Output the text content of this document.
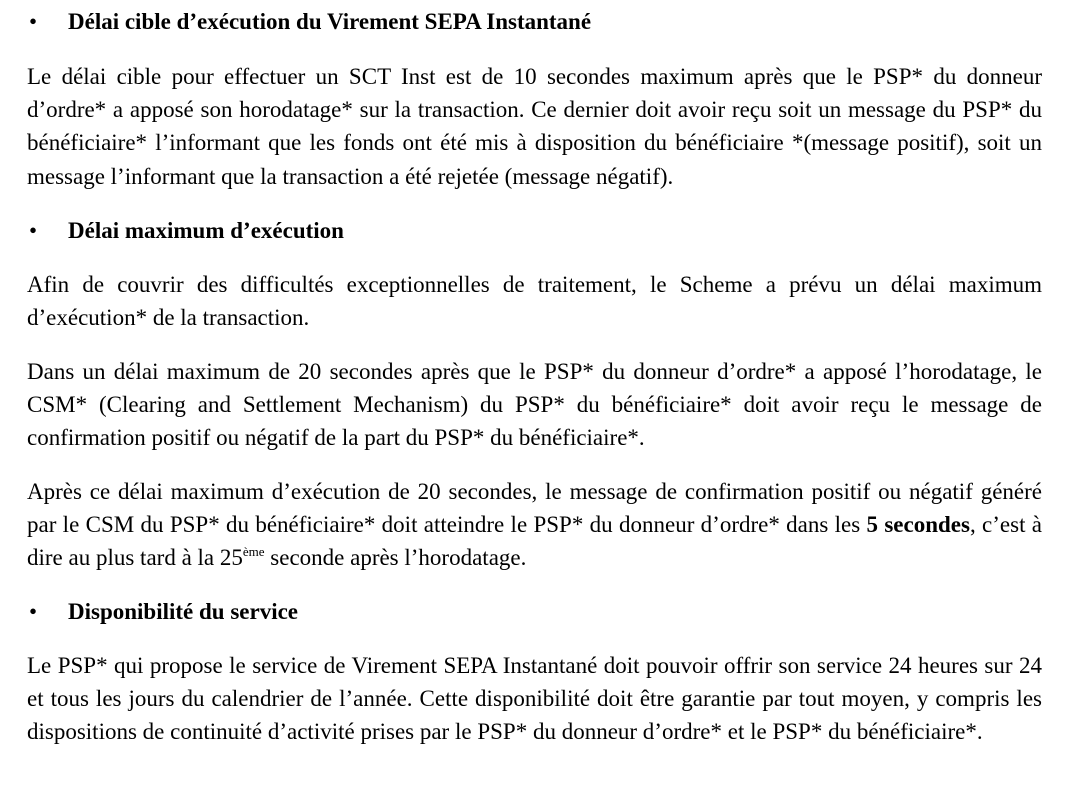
• Délai cible d’exécution du Virement SEPA Instantané

Le délai cible pour effectuer un SCT Inst est de 10 secondes maximum après que le PSP* du donneur d’ordre* a apposé son horodatage* sur la transaction. Ce dernier doit avoir reçu soit un message du PSP* du bénéficiaire* l’informant que les fonds ont été mis à disposition du bénéficiaire *(message positif), soit un message l’informant que la transaction a été rejetée (message négatif).

• Délai maximum d’exécution

Afin de couvrir des difficultés exceptionnelles de traitement, le Scheme a prévu un délai maximum d’exécution* de la transaction.

Dans un délai maximum de 20 secondes après que le PSP* du donneur d’ordre* a apposé l’horodatage, le CSM* (Clearing and Settlement Mechanism) du PSP* du bénéficiaire* doit avoir reçu le message de confirmation positif ou négatif de la part du PSP* du bénéficiaire*.

Après ce délai maximum d’exécution de 20 secondes, le message de confirmation positif ou négatif généré par le CSM du PSP* du bénéficiaire* doit atteindre le PSP* du donneur d’ordre* dans les 5 secondes, c’est à dire au plus tard à la 25ème seconde après l’horodatage.

• Disponibilité du service

Le PSP* qui propose le service de Virement SEPA Instantané doit pouvoir offrir son service 24 heures sur 24 et tous les jours du calendrier de l’année. Cette disponibilité doit être garantie par tout moyen, y compris les dispositions de continuité d’activité prises par le PSP* du donneur d’ordre* et le PSP* du bénéficiaire*.
